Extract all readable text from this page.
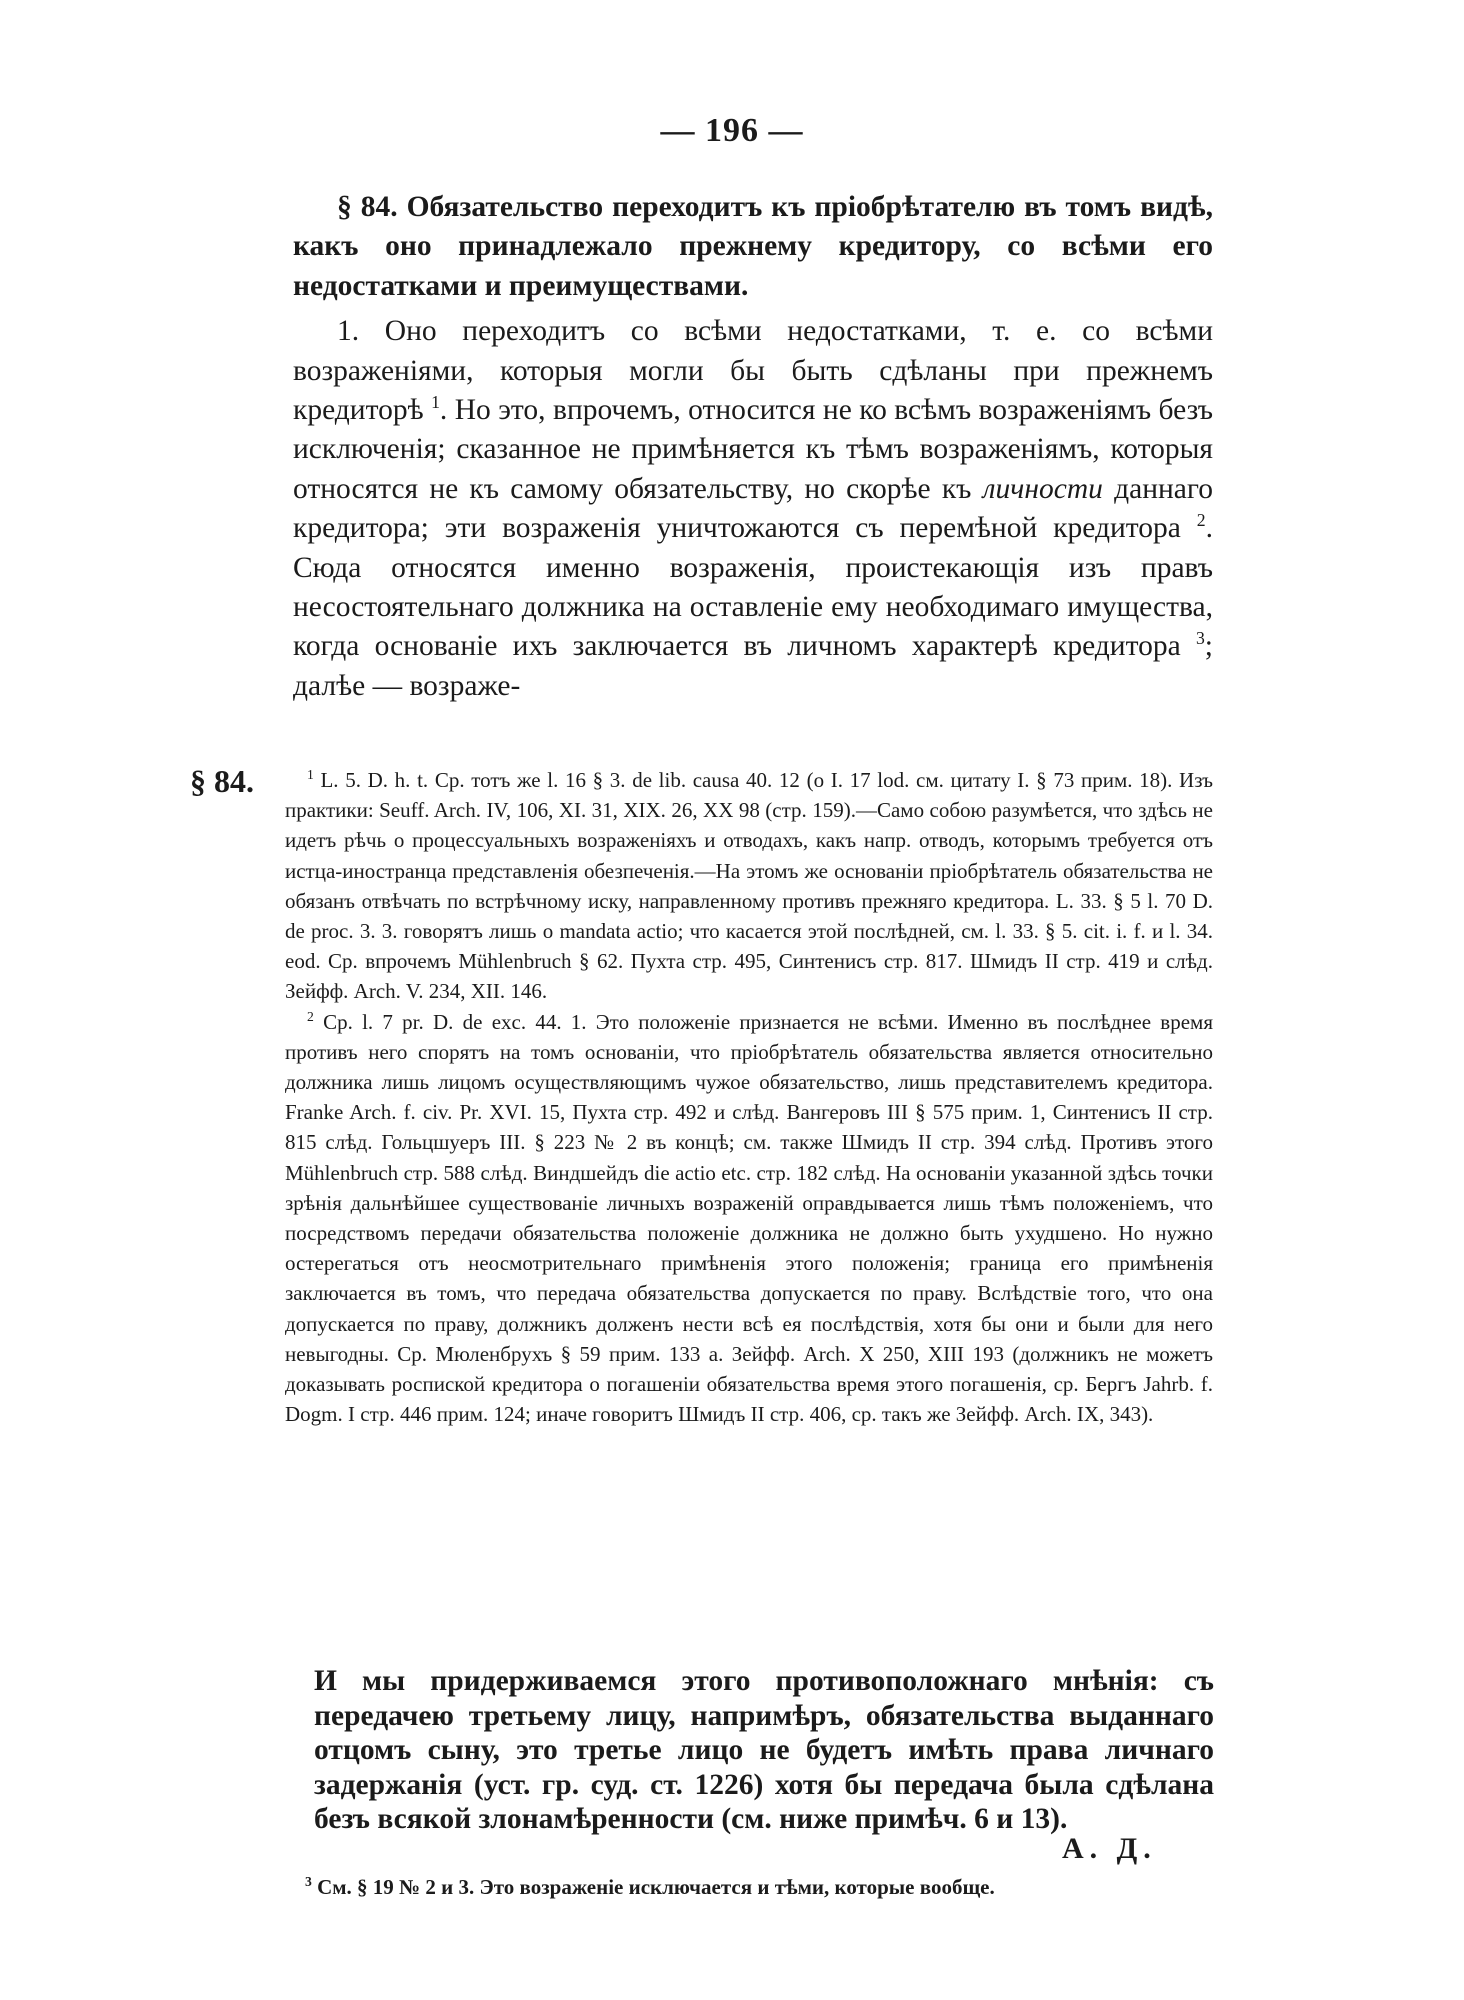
— 196 —

§ 84. Обязательство переходитъ къ пріобрѣтателю въ томъ видѣ, какъ оно принадлежало прежнему кредитору, со всѣми его недостатками и преимуществами.

1. Оно переходитъ со всѣми недостатками, т. е. со всѣми возраженіями, которыя могли бы быть сдѣланы при прежнемъ кредиторѣ $^1$. Но это, впрочемъ, относится не ко всѣмъ возраженіямъ безъ исключенія; сказанное не примѣняется къ тѣмъ возраженіямъ, которыя относятся не къ самому обязательству, но скорѣе къ личности даннаго кредитора; эти возраженія уничтожаются съ перемѣной кредитора $^2$. Сюда относятся именно возраженія, проистекающія изъ правъ несостоятельнаго должника на оставленіе ему необходимаго имущества, когда основаніе ихъ заключается въ личномъ характерѣ кредитора $^3$; далѣе — возраже-

§ 84.	$^1$ L. 5. D. h. t. Ср. тотъ же l. 16 § 3. de lib. causa 40. 12 (o I. 17 lod. см. цитату I. § 73 прим. 18). Изъ практики: Seuff. Arch. IV, 106, XI. 31, XIX. 26, XX 98 (стр. 159).—Само собою разумѣется, что здѣсь не идетъ рѣчь о процессуальныхъ возраженіяхъ и отводахъ, какъ напр. отводъ, которымъ требуется отъ истца-иностранца представленія обезпеченія.—На этомъ же основаніи пріобрѣтатель обязательства не обязанъ отвѣчать по встрѣчному иску, направленному противъ прежняго кредитора. L. 33. § 5 l. 70 D. de proc. 3. 3. говорятъ лишь о mandata actio; что касается этой послѣдней, см. l. 33. § 5. cit. i. f. и l. 34. eod. Ср. впрочемъ Mühlenbruch § 62. Пухта стр. 495, Синтенисъ стр. 817. Шмидъ II стр. 419 и слѣд. Зейфф. Arch. V. 234, XII. 146.

$^2$ Ср. l. 7 pr. D. de exc. 44. 1. Это положеніе признается не всѣми. Именно въ послѣднее время противъ него спорятъ на томъ основаніи, что пріобрѣтатель обязательства является относительно должника лишь лицомъ осуществляющимъ чужое обязательство, лишь представителемъ кредитора. Franke Arch. f. civ. Pr. XVI. 15, Пухта стр. 492 и слѣд. Вангеровъ III § 575 прим. 1, Синтенисъ II стр. 815 слѣд. Гольцшуеръ III. § 223 № 2 въ концѣ; см. также Шмидъ II стр. 394 слѣд. Противъ этого Mühlenbruch стр. 588 слѣд. Виндшейдъ die actio etc. стр. 182 слѣд. На основаніи указанной здѣсь точки зрѣнія дальнѣйшее существованіе личныхъ возраженій оправдывается лишь тѣмъ положеніемъ, что посредствомъ передачи обязательства положеніе должника не должно быть ухудшено. Но нужно остерегаться отъ неосмотрительнаго примѣненія этого положенія; граница его примѣненія заключается въ томъ, что передача обязательства допускается по праву. Вслѣдствіе того, что она допускается по праву, должникъ долженъ нести всѣ ея послѣдствія, хотя бы они и были для него невыгодны. Ср. Мюленбрухъ § 59 прим. 133 a. Зейфф. Arch. X 250, XIII 193 (должникъ не можетъ доказывать роспиской кредитора о погашеніи обязательства время этого погашенія, ср. Бергъ Jahrb. f. Dogm. I стр. 446 прим. 124; иначе говоритъ Шмидъ II стр. 406, ср. такъ же Зейфф. Arch. IX, 343).

И мы придерживаемся этого противоположнаго мнѣнія: съ передачею третьему лицу, напримѣръ, обязательства выданнаго отцомъ сыну, это третье лицо не будетъ имѣть права личнаго задержанія (уст. гр. суд. ст. 1226) хотя бы передача была сдѣлана безъ всякой злонамѣренности (см. ниже примѣч. 6 и 13).

А. Д.
$^3$ См. § 19 № 2 и 3. Это возраженіе исключается и тѣми, которые вообще.
